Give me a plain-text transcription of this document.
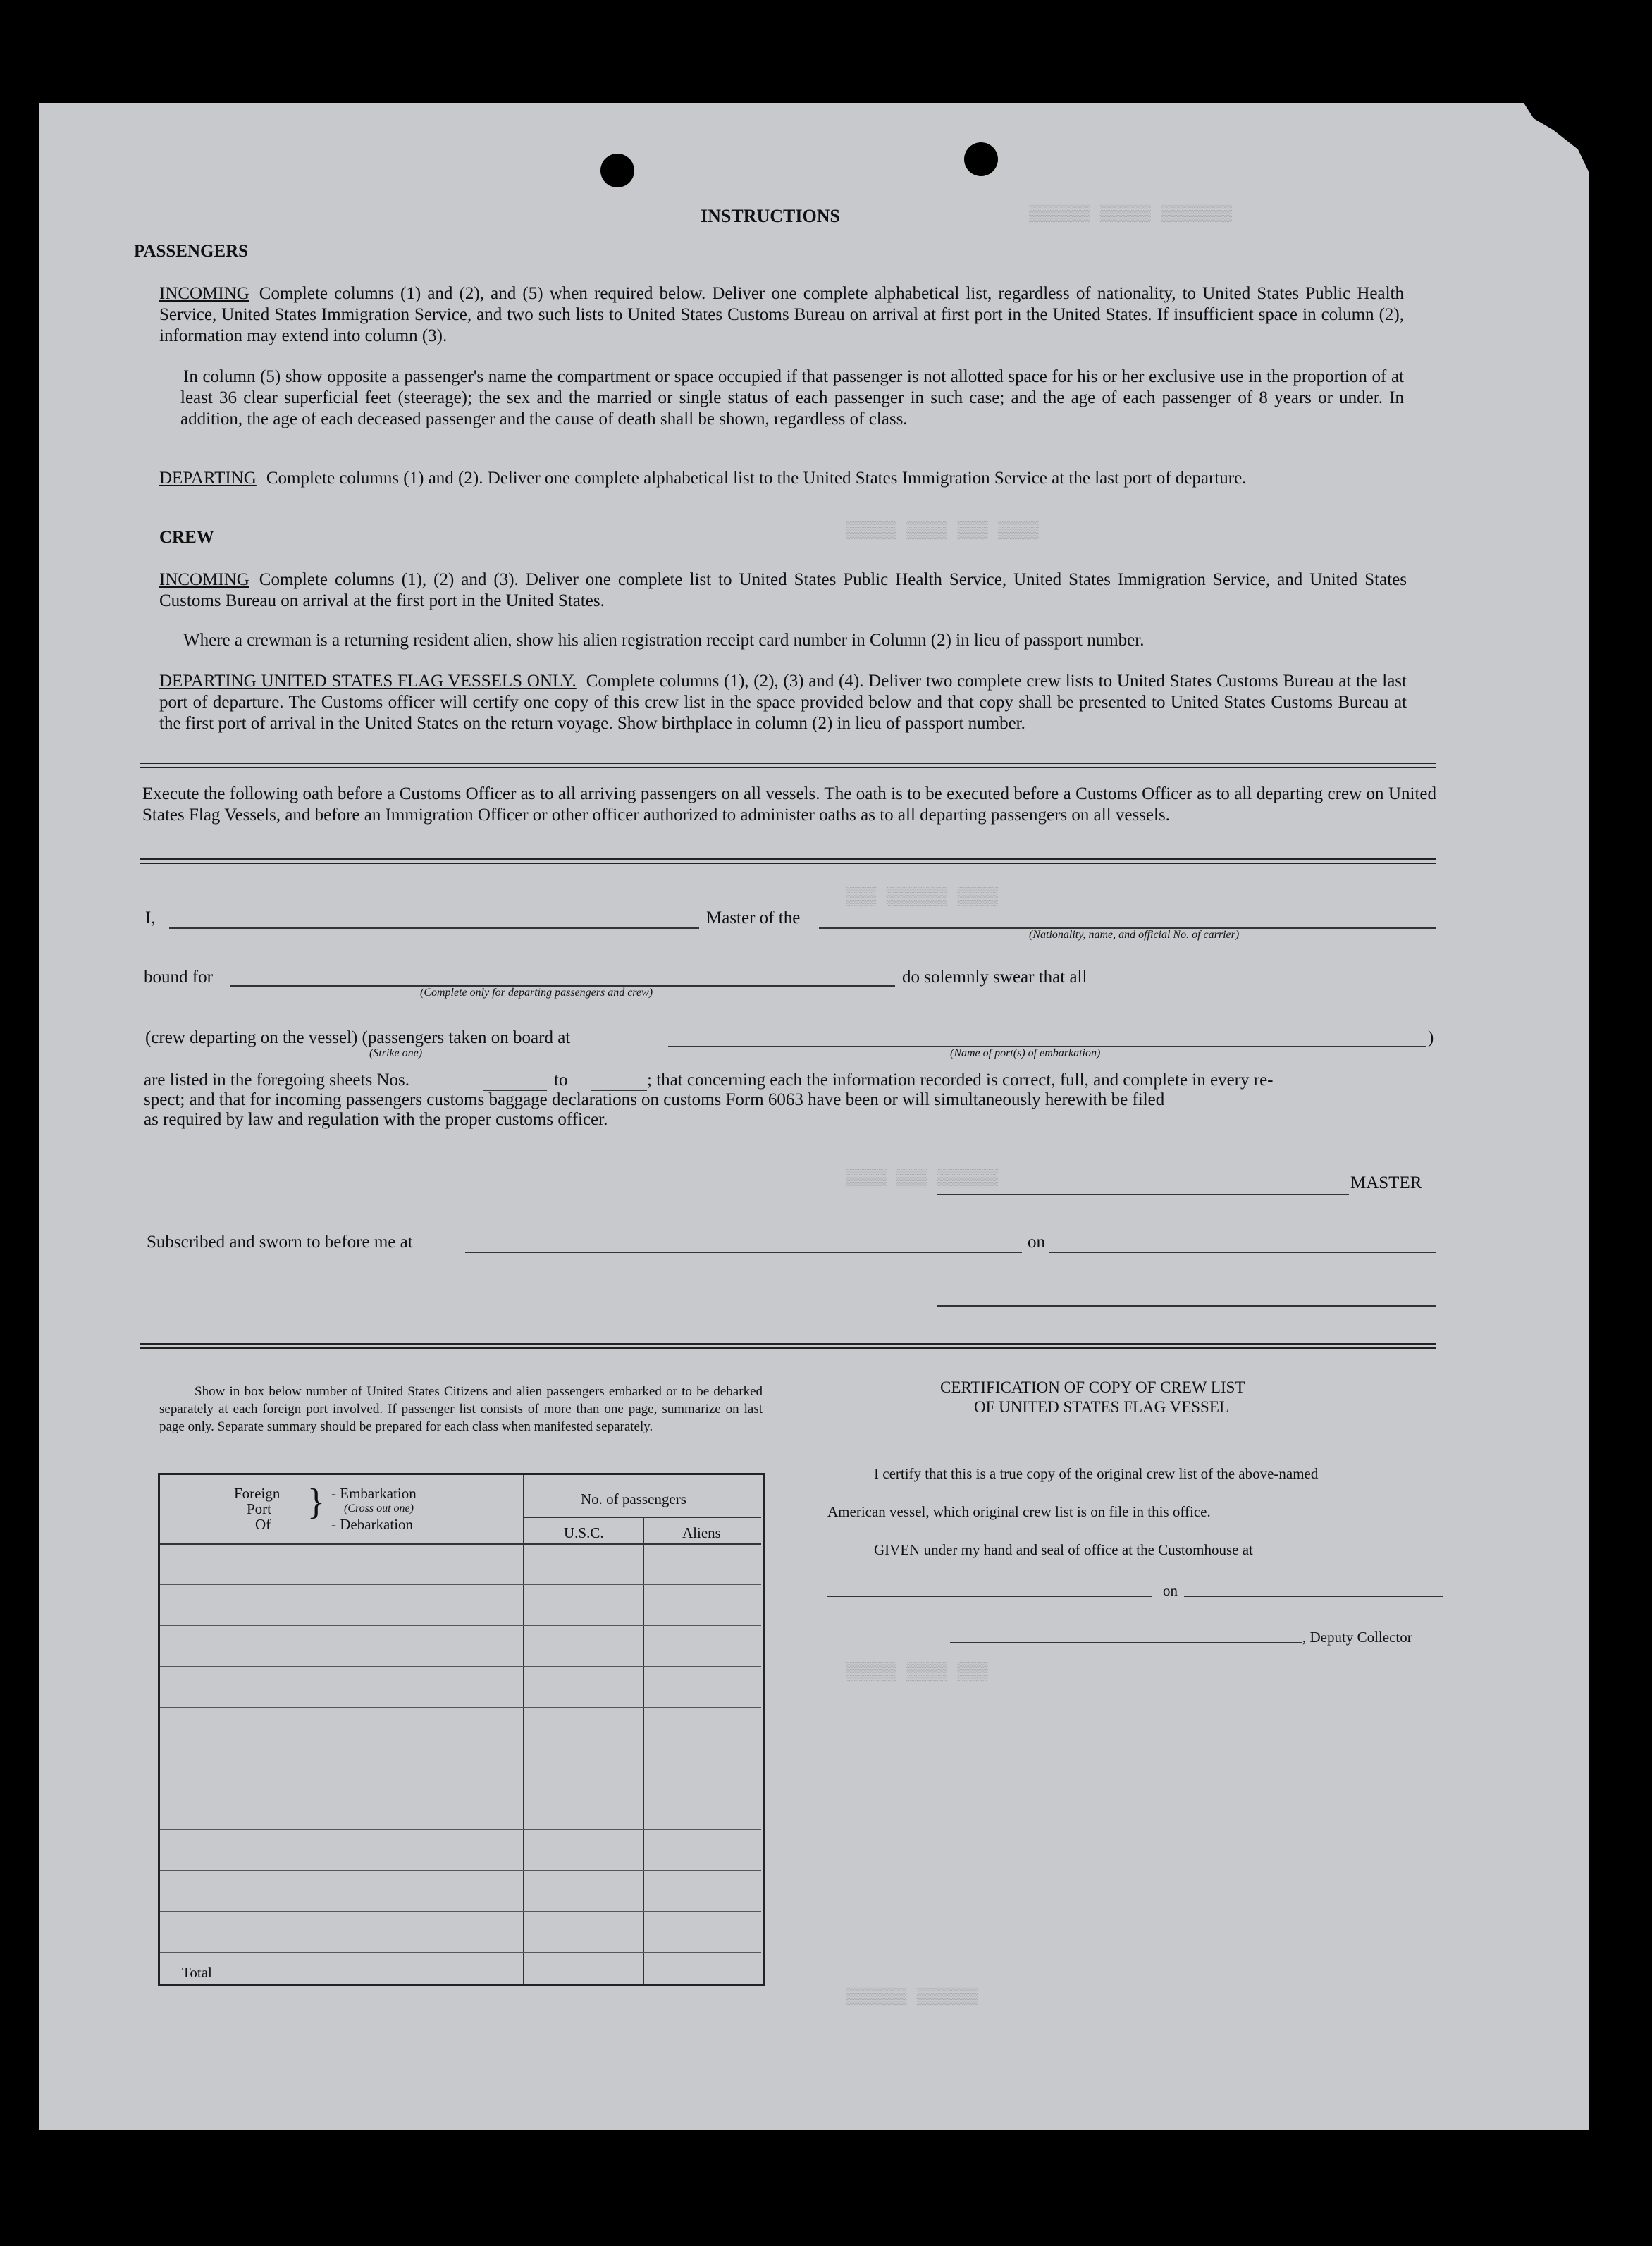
▒▒▒▒▒▒ ▒▒▒▒▒ ▒▒▒▒▒▒▒
▒▒▒▒▒ ▒▒▒▒ ▒▒▒ ▒▒▒▒
▒▒▒ ▒▒▒▒▒▒ ▒▒▒▒
▒▒▒▒ ▒▒▒ ▒▒▒▒▒▒
▒▒▒▒▒ ▒▒▒▒ ▒▒▒
▒▒▒▒▒▒ ▒▒▒▒▒▒
INSTRUCTIONS
PASSENGERS
INCOMING Complete columns (1) and (2), and (5) when required below. Deliver one complete alphabetical list, regardless of nationality, to United States Public Health Service, United States Immigration Service, and two such lists to United States Customs Bureau on arrival at first port in the United States. If insufficient space in column (2), information may extend into column (3).
In column (5) show opposite a passenger's name the compartment or space occupied if that passenger is not allotted space for his or her exclusive use in the proportion of at least 36 clear superficial feet (steerage); the sex and the married or single status of each passenger in such case; and the age of each passenger of 8 years or under. In addition, the age of each deceased passenger and the cause of death shall be shown, regardless of class.
DEPARTING Complete columns (1) and (2). Deliver one complete alphabetical list to the United States Immigration Service at the last port of departure.
CREW
INCOMING Complete columns (1), (2) and (3). Deliver one complete list to United States Public Health Service, United States Immigration Service, and United States Customs Bureau on arrival at the first port in the United States.
Where a crewman is a returning resident alien, show his alien registration receipt card number in Column (2) in lieu of passport number.
DEPARTING UNITED STATES FLAG VESSELS ONLY. Complete columns (1), (2), (3) and (4). Deliver two complete crew lists to United States Customs Bureau at the last port of departure. The Customs officer will certify one copy of this crew list in the space provided below and that copy shall be presented to United States Customs Bureau at the first port of arrival in the United States on the return voyage. Show birthplace in column (2) in lieu of passport number.
Execute the following oath before a Customs Officer as to all arriving passengers on all vessels. The oath is to be executed before a Customs Officer as to all departing crew on United States Flag Vessels, and before an Immigration Officer or other officer authorized to administer oaths as to all departing passengers on all vessels.
I,	Master of the
(Nationality, name, and official No. of carrier)
bound for
(Complete only for departing passengers and crew)
do solemnly swear that all
(crew departing on the vessel) (passengers taken on board at
(Strike one)	(Name of port(s) of embarkation)
)
are listed in the foregoing sheets Nos.	to	; that concerning each the information recorded is correct, full, and complete in every re-
spect; and that for incoming passengers customs baggage declarations on customs Form 6063 have been or will simultaneously herewith be filed
as required by law and regulation with the proper customs officer.
MASTER
Subscribed and sworn to before me at	on
Show in box below number of United States Citizens and alien passengers embarked or to be debarked separately at each foreign port involved. If passenger list consists of more than one page, summarize on last page only. Separate summary should be prepared for each class when manifested separately.
Foreign
Port
Of
} - Embarkation
(Cross out one)
- Debarkation
No. of passengers
U.S.C.	Aliens
Total
CERTIFICATION OF COPY OF CREW LIST
OF UNITED STATES FLAG VESSEL
I certify that this is a true copy of the original crew list of the above-named
American vessel, which original crew list is on file in this office.
GIVEN under my hand and seal of office at the Customhouse at
on
, Deputy Collector
